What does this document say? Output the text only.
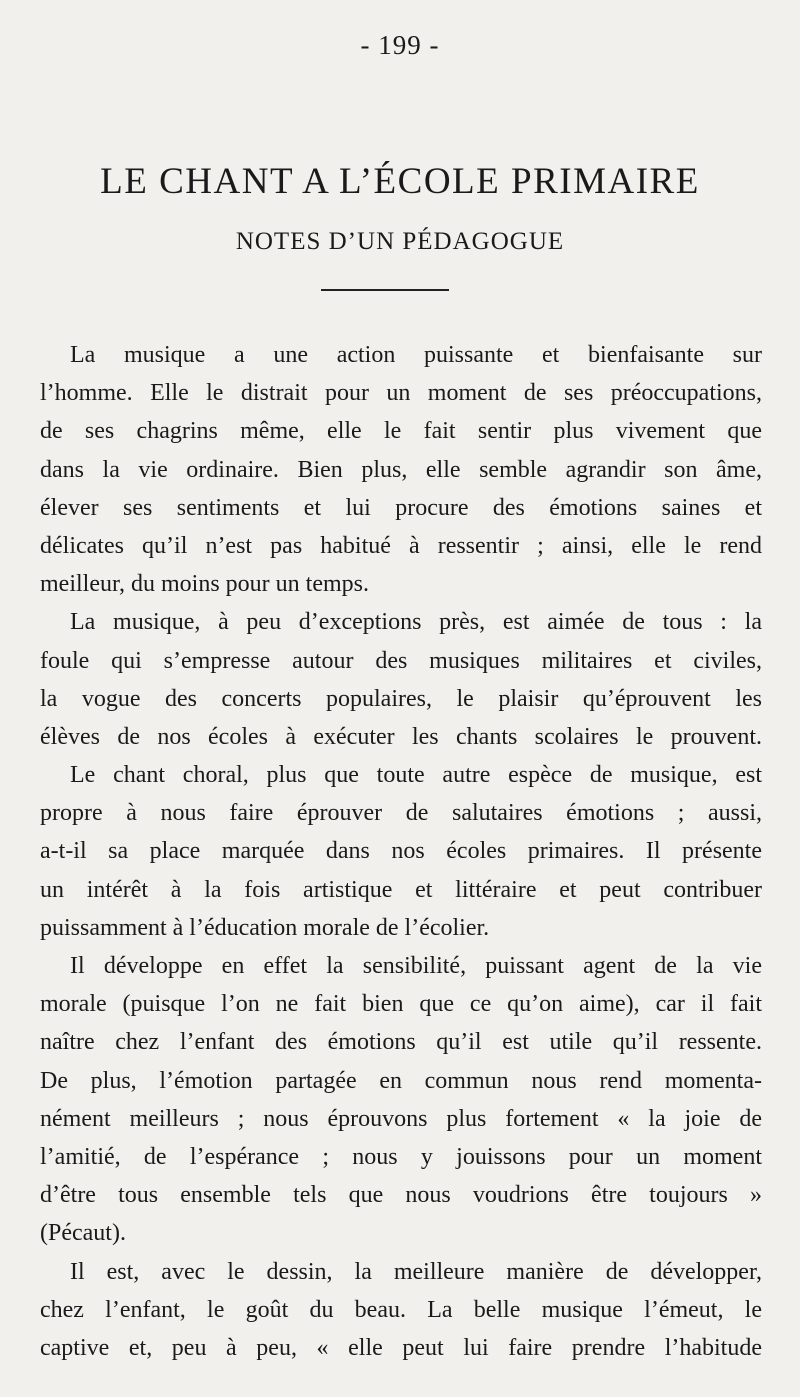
- 199 -
LE CHANT A L’ÉCOLE PRIMAIRE
NOTES D’UN PÉDAGOGUE
La musique a une action puissante et bienfaisante sur
l’homme. Elle le distrait pour un moment de ses préoccupations,
de ses chagrins même, elle le fait sentir plus vivement que
dans la vie ordinaire. Bien plus, elle semble agrandir son âme,
élever ses sentiments et lui procure des émotions saines et
délicates qu’il n’est pas habitué à ressentir ; ainsi, elle le rend
meilleur, du moins pour un temps.
La musique, à peu d’exceptions près, est aimée de tous : la
foule qui s’empresse autour des musiques militaires et civiles,
la vogue des concerts populaires, le plaisir qu’éprouvent les
élèves de nos écoles à exécuter les chants scolaires le prouvent.
Le chant choral, plus que toute autre espèce de musique, est
propre à nous faire éprouver de salutaires émotions ; aussi,
a-t-il sa place marquée dans nos écoles primaires. Il présente
un intérêt à la fois artistique et littéraire et peut contribuer
puissamment à l’éducation morale de l’écolier.
Il développe en effet la sensibilité, puissant agent de la vie
morale (puisque l’on ne fait bien que ce qu’on aime), car il fait
naître chez l’enfant des émotions qu’il est utile qu’il ressente.
De plus, l’émotion partagée en commun nous rend momenta-
nément meilleurs ; nous éprouvons plus fortement « la joie de
l’amitié, de l’espérance ; nous y jouissons pour un moment
d’être tous ensemble tels que nous voudrions être toujours »
(Pécaut).
Il est, avec le dessin, la meilleure manière de développer,
chez l’enfant, le goût du beau. La belle musique l’émeut, le
captive et, peu à peu, « elle peut lui faire prendre l’habitude
